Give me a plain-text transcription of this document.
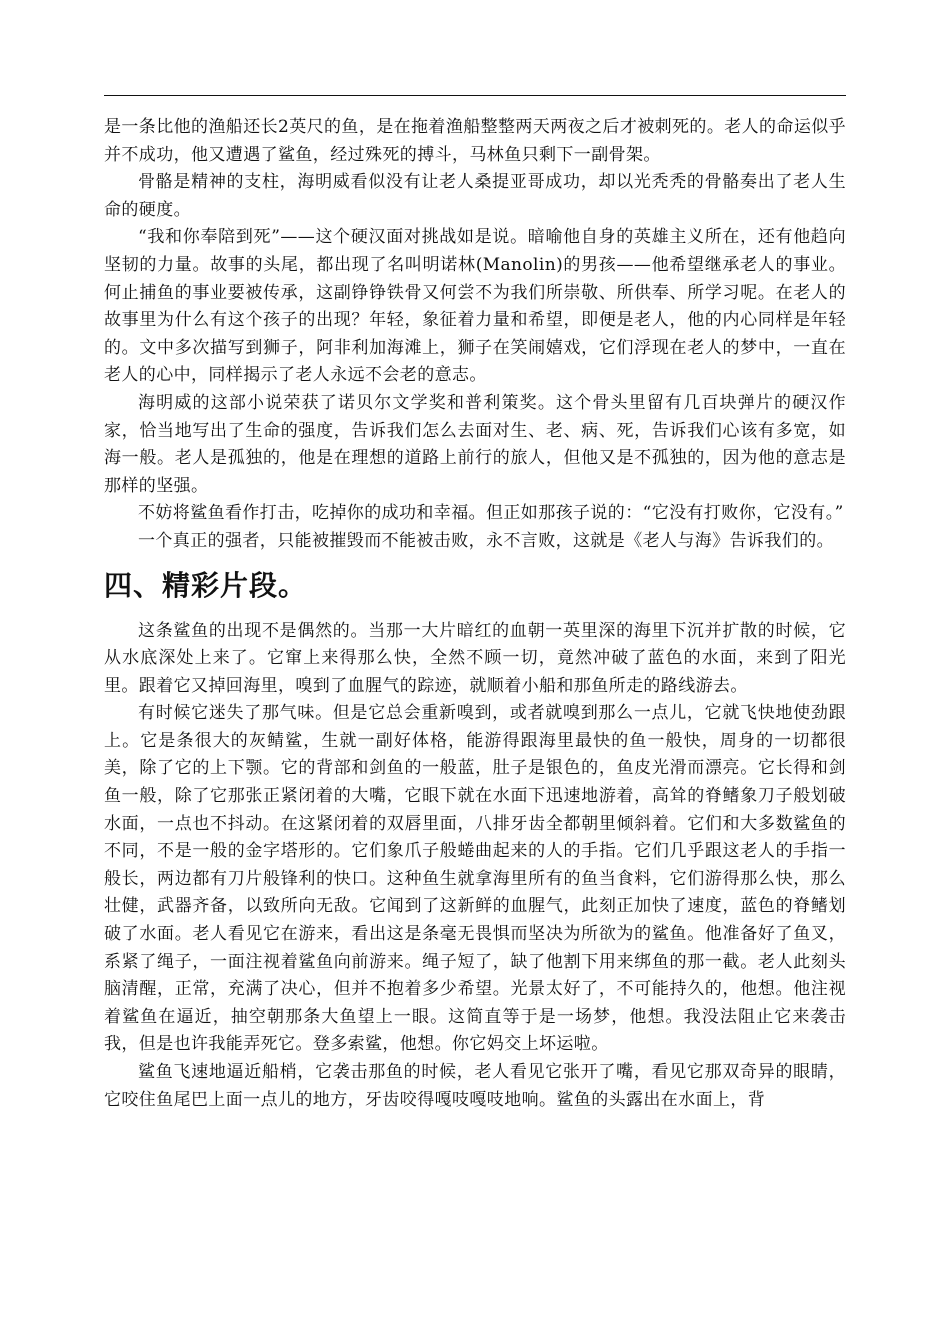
是一条比他的渔船还长2英尺的鱼，是在拖着渔船整整两天两夜之后才被刺死的。老人的命运似乎并不成功，他又遭遇了鲨鱼，经过殊死的搏斗，马林鱼只剩下一副骨架。

骨骼是精神的支柱，海明威看似没有让老人桑提亚哥成功，却以光秃秃的骨骼奏出了老人生命的硬度。

“我和你奉陪到死”——这个硬汉面对挑战如是说。暗喻他自身的英雄主义所在，还有他趋向坚韧的力量。故事的头尾，都出现了名叫明诺林(Manolin)的男孩——他希望继承老人的事业。何止捕鱼的事业要被传承，这副铮铮铁骨又何尝不为我们所崇敬、所供奉、所学习呢。在老人的故事里为什么有这个孩子的出现？年轻，象征着力量和希望，即便是老人，他的内心同样是年轻的。文中多次描写到狮子，阿非利加海滩上，狮子在笑闹嬉戏，它们浮现在老人的梦中，一直在老人的心中，同样揭示了老人永远不会老的意志。

海明威的这部小说荣获了诺贝尔文学奖和普利策奖。这个骨头里留有几百块弹片的硬汉作家，恰当地写出了生命的强度，告诉我们怎么去面对生、老、病、死，告诉我们心该有多宽，如海一般。老人是孤独的，他是在理想的道路上前行的旅人，但他又是不孤独的，因为他的意志是那样的坚强。

不妨将鲨鱼看作打击，吃掉你的成功和幸福。但正如那孩子说的：“它没有打败你，它没有。”

一个真正的强者，只能被摧毁而不能被击败，永不言败，这就是《老人与海》告诉我们的。

四、精彩片段。

这条鲨鱼的出现不是偶然的。当那一大片暗红的血朝一英里深的海里下沉并扩散的时候，它从水底深处上来了。它窜上来得那么快，全然不顾一切，竟然冲破了蓝色的水面，来到了阳光里。跟着它又掉回海里，嗅到了血腥气的踪迹，就顺着小船和那鱼所走的路线游去。

有时候它迷失了那气味。但是它总会重新嗅到，或者就嗅到那么一点儿，它就飞快地使劲跟上。它是条很大的灰鲭鲨，生就一副好体格，能游得跟海里最快的鱼一般快，周身的一切都很美，除了它的上下颚。它的背部和剑鱼的一般蓝，肚子是银色的，鱼皮光滑而漂亮。它长得和剑鱼一般，除了它那张正紧闭着的大嘴，它眼下就在水面下迅速地游着，高耸的脊鳍象刀子般划破水面，一点也不抖动。在这紧闭着的双唇里面，八排牙齿全都朝里倾斜着。它们和大多数鲨鱼的不同，不是一般的金字塔形的。它们象爪子般蜷曲起来的人的手指。它们几乎跟这老人的手指一般长，两边都有刀片般锋利的快口。这种鱼生就拿海里所有的鱼当食料，它们游得那么快，那么壮健，武器齐备，以致所向无敌。它闻到了这新鲜的血腥气，此刻正加快了速度，蓝色的脊鳍划破了水面。老人看见它在游来，看出这是条毫无畏惧而坚决为所欲为的鲨鱼。他准备好了鱼叉，系紧了绳子，一面注视着鲨鱼向前游来。绳子短了，缺了他割下用来绑鱼的那一截。老人此刻头脑清醒，正常，充满了决心，但并不抱着多少希望。光景太好了，不可能持久的，他想。他注视着鲨鱼在逼近，抽空朝那条大鱼望上一眼。这简直等于是一场梦，他想。我没法阻止它来袭击我，但是也许我能弄死它。登多索鲨，他想。你它妈交上坏运啦。

鲨鱼飞速地逼近船梢，它袭击那鱼的时候，老人看见它张开了嘴，看见它那双奇异的眼睛，它咬住鱼尾巴上面一点儿的地方，牙齿咬得嘎吱嘎吱地响。鲨鱼的头露出在水面上，背
